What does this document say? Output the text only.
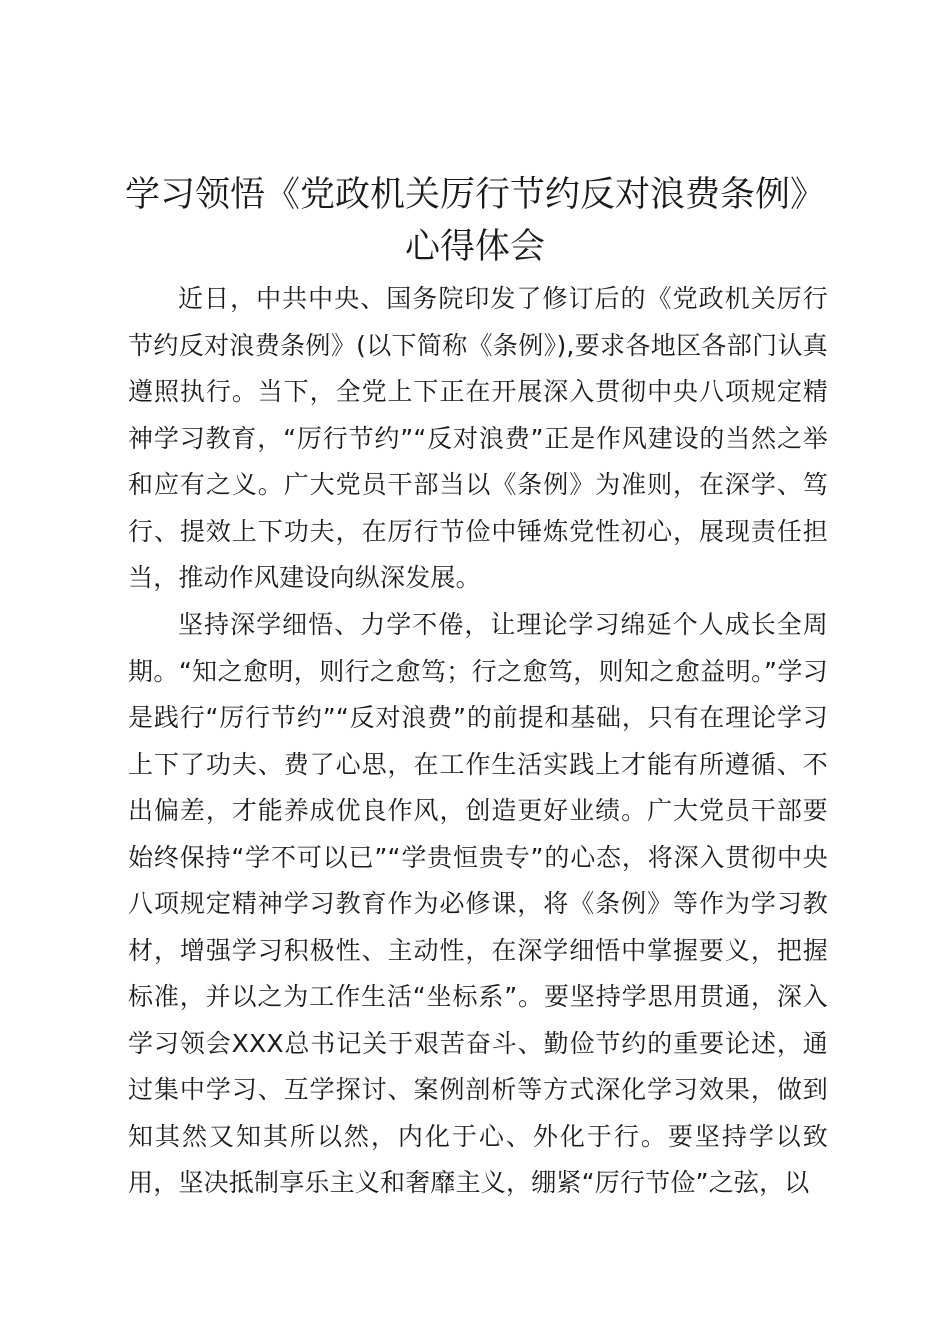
学习领悟《党政机关厉行节约反对浪费条例》
心得体会

近日，中共中央、国务院印发了修订后的《党政机关厉行节约反对浪费条例》(以下简称《条例》),要求各地区各部门认真遵照执行。当下，全党上下正在开展深入贯彻中央八项规定精神学习教育，“厉行节约”“反对浪费”正是作风建设的当然之举和应有之义。广大党员干部当以《条例》为准则，在深学、笃行、提效上下功夫，在厉行节俭中锤炼党性初心，展现责任担当，推动作风建设向纵深发展。

坚持深学细悟、力学不倦，让理论学习绵延个人成长全周期。“知之愈明，则行之愈笃；行之愈笃，则知之愈益明。”学习是践行“厉行节约”“反对浪费”的前提和基础，只有在理论学习上下了功夫、费了心思，在工作生活实践上才能有所遵循、不出偏差，才能养成优良作风，创造更好业绩。广大党员干部要始终保持“学不可以已”“学贵恒贵专”的心态，将深入贯彻中央八项规定精神学习教育作为必修课，将《条例》等作为学习教材，增强学习积极性、主动性，在深学细悟中掌握要义，把握标准，并以之为工作生活“坐标系”。要坚持学思用贯通，深入学习领会XXX总书记关于艰苦奋斗、勤俭节约的重要论述，通过集中学习、互学探讨、案例剖析等方式深化学习效果，做到知其然又知其所以然，内化于心、外化于行。要坚持学以致用，坚决抵制享乐主义和奢靡主义，绷紧“厉行节俭”之弦，以
